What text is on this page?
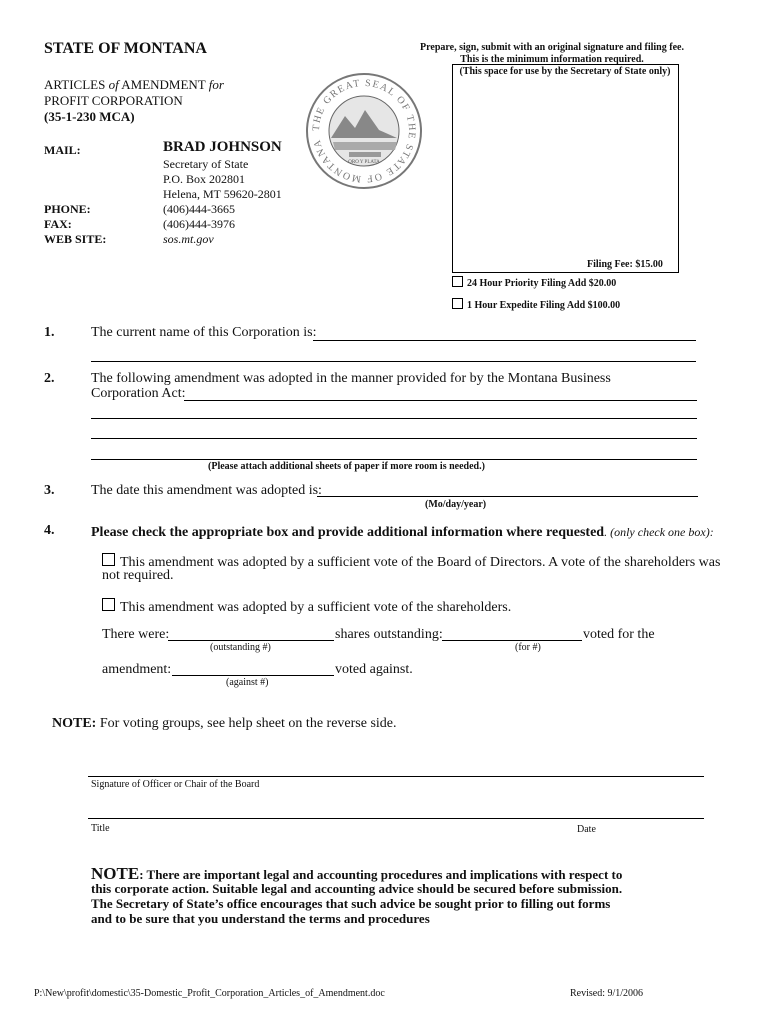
STATE OF MONTANA
ARTICLES of AMENDMENT for
PROFIT CORPORATION
(35-1-230 MCA)
THE GREAT SEAL OF THE STATE OF MONTANA
ORO Y PLATA
Prepare, sign, submit with an original signature and filing fee.
This is the minimum information required.
(This space for use by the Secretary of State only)
Filing Fee: $15.00
24 Hour Priority Filing Add $20.00
1 Hour Expedite Filing Add $100.00
MAIL:	BRAD JOHNSON
Secretary of State
P.O. Box 202801
Helena, MT 59620-2801
PHONE:	(406)444-3665
FAX:	(406)444-3976
WEB SITE:	sos.mt.gov
1.	The current name of this Corporation is:
2.	The following amendment was adopted in the manner provided for by the Montana Business
Corporation Act:
(Please attach additional sheets of paper if more room is needed.)
3.	The date this amendment was adopted is:
(Mo/day/year)
4.	Please check the appropriate box and provide additional information where requested. (only check one box):
This amendment was adopted by a sufficient vote of the Board of Directors. A vote of the shareholders was
not required.
This amendment was adopted by a sufficient vote of the shareholders.
There were:	shares outstanding:	voted for the
(outstanding #)	(for #)
amendment:	voted against.
(against #)
NOTE: For voting groups, see help sheet on the reverse side.
Signature of Officer or Chair of the Board
Title	Date
NOTE: There are important legal and accounting procedures and implications with respect to
this corporate action. Suitable legal and accounting advice should be secured before submission.
The Secretary of State’s office encourages that such advice be sought prior to filling out forms
and to be sure that you understand the terms and procedures
P:\New\profit\domestic\35-Domestic_Profit_Corporation_Articles_of_Amendment.doc	Revised: 9/1/2006
